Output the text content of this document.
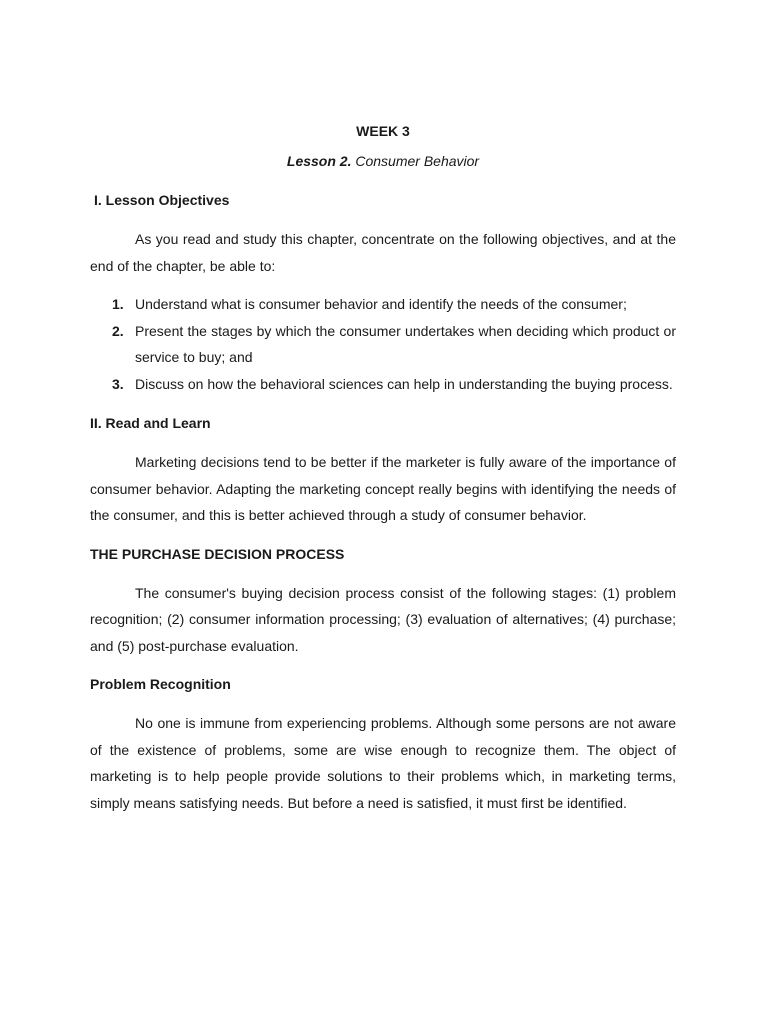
WEEK 3

Lesson 2. Consumer Behavior

I. Lesson Objectives

As you read and study this chapter, concentrate on the following objectives, and at the end of the chapter, be able to:

1. Understand what is consumer behavior and identify the needs of the consumer;
2. Present the stages by which the consumer undertakes when deciding which product or service to buy; and
3. Discuss on how the behavioral sciences can help in understanding the buying process.

II. Read and Learn

Marketing decisions tend to be better if the marketer is fully aware of the importance of consumer behavior. Adapting the marketing concept really begins with identifying the needs of the consumer, and this is better achieved through a study of consumer behavior.

THE PURCHASE DECISION PROCESS

The consumer's buying decision process consist of the following stages: (1) problem recognition; (2) consumer information processing; (3) evaluation of alternatives; (4) purchase; and (5) post-purchase evaluation.

Problem Recognition

No one is immune from experiencing problems. Although some persons are not aware of the existence of problems, some are wise enough to recognize them. The object of marketing is to help people provide solutions to their problems which, in marketing terms, simply means satisfying needs. But before a need is satisfied, it must first be identified.
